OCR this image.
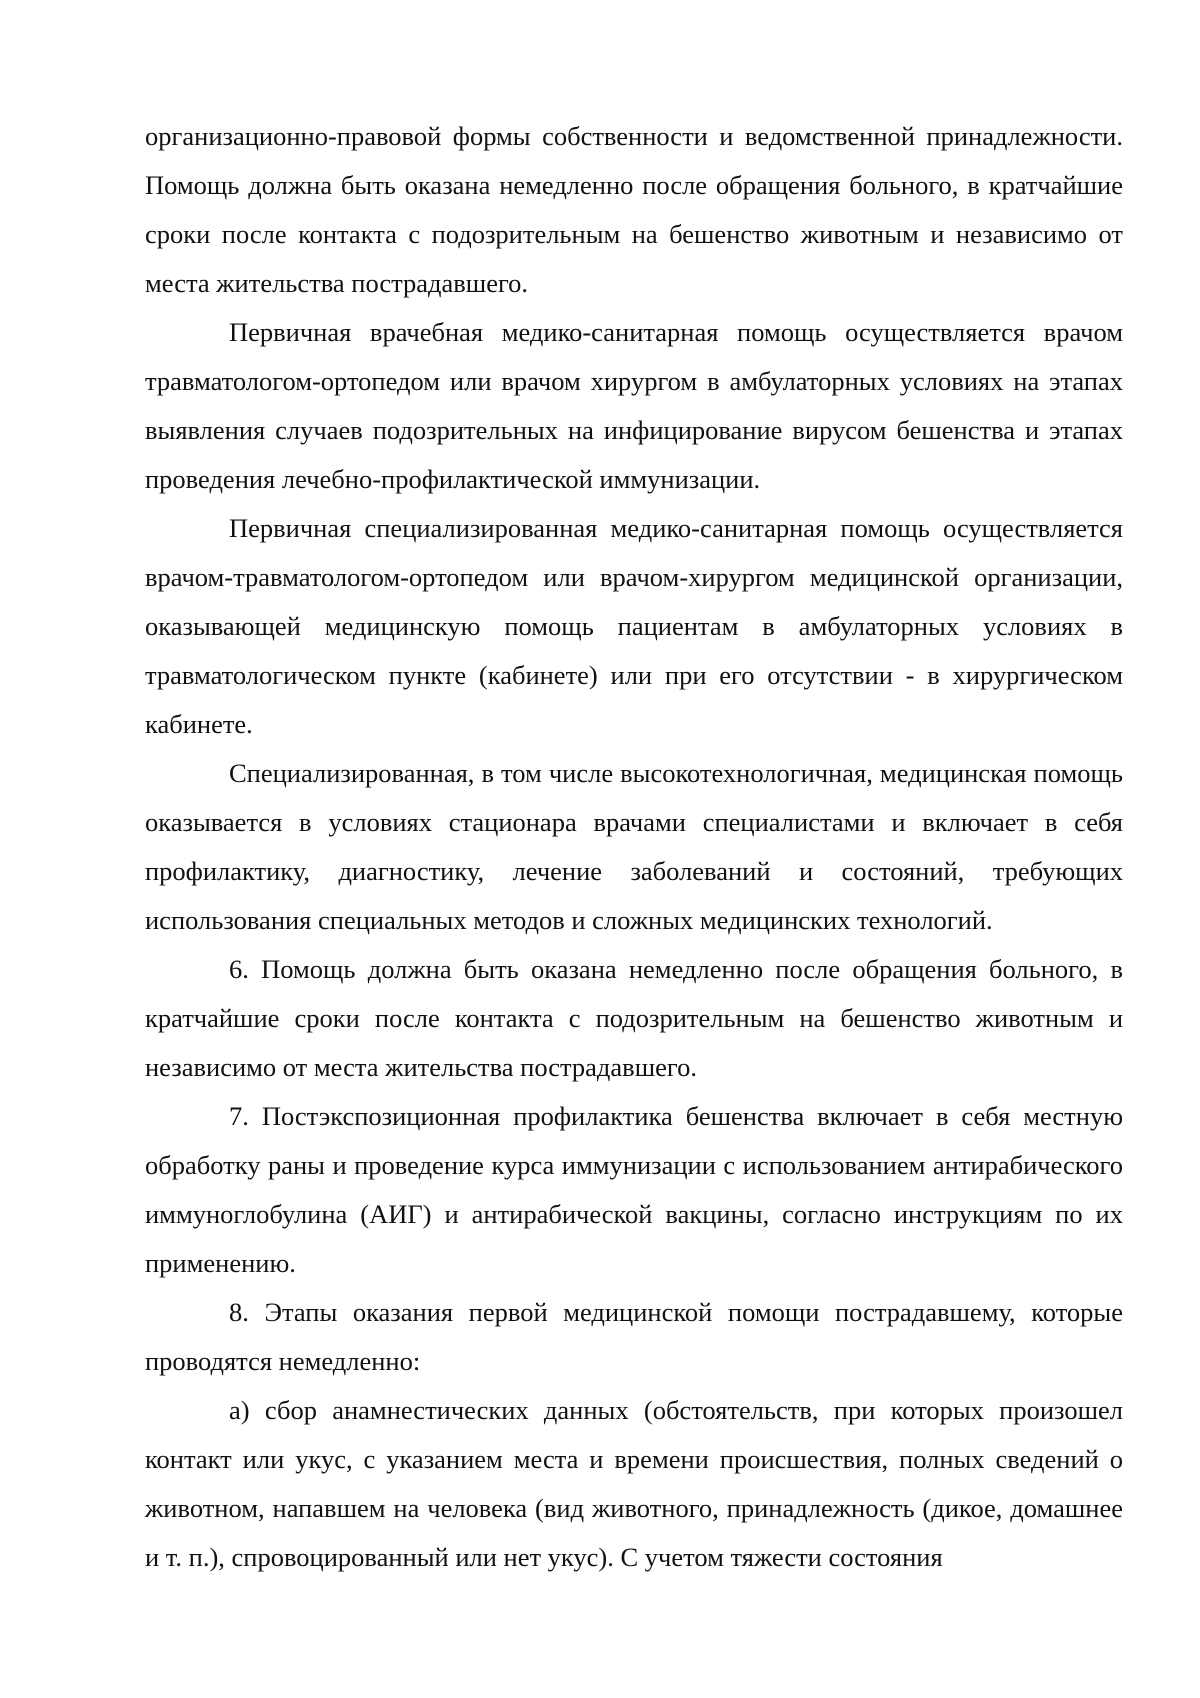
организационно-правовой формы собственности и ведомственной принадлежности. Помощь должна быть оказана немедленно после обращения больного, в кратчайшие сроки после контакта с подозрительным на бешенство животным и независимо от места жительства пострадавшего.

Первичная врачебная медико-санитарная помощь осуществляется врачом травматологом-ортопедом или врачом хирургом в амбулаторных условиях на этапах выявления случаев подозрительных на инфицирование вирусом бешенства и этапах проведения лечебно-профилактической иммунизации.

Первичная специализированная медико-санитарная помощь осуществляется врачом-травматологом-ортопедом или врачом-хирургом медицинской организации, оказывающей медицинскую помощь пациентам в амбулаторных условиях в травматологическом пункте (кабинете) или при его отсутствии - в хирургическом кабинете.

Специализированная, в том числе высокотехнологичная, медицинская помощь оказывается в условиях стационара врачами специалистами и включает в себя профилактику, диагностику, лечение заболеваний и состояний, требующих использования специальных методов и сложных медицинских технологий.

6. Помощь должна быть оказана немедленно после обращения больного, в кратчайшие сроки после контакта с подозрительным на бешенство животным и независимо от места жительства пострадавшего.

7. Постэкспозиционная профилактика бешенства включает в себя местную обработку раны и проведение курса иммунизации с использованием антирабического иммуноглобулина (АИГ) и антирабической вакцины, согласно инструкциям по их применению.

8. Этапы оказания первой медицинской помощи пострадавшему, которые проводятся немедленно:

а) сбор анамнестических данных (обстоятельств, при которых произошел контакт или укус, с указанием места и времени происшествия, полных сведений о животном, напавшем на человека (вид животного, принадлежность (дикое, домашнее и т. п.), спровоцированный или нет укус). С учетом тяжести состояния
